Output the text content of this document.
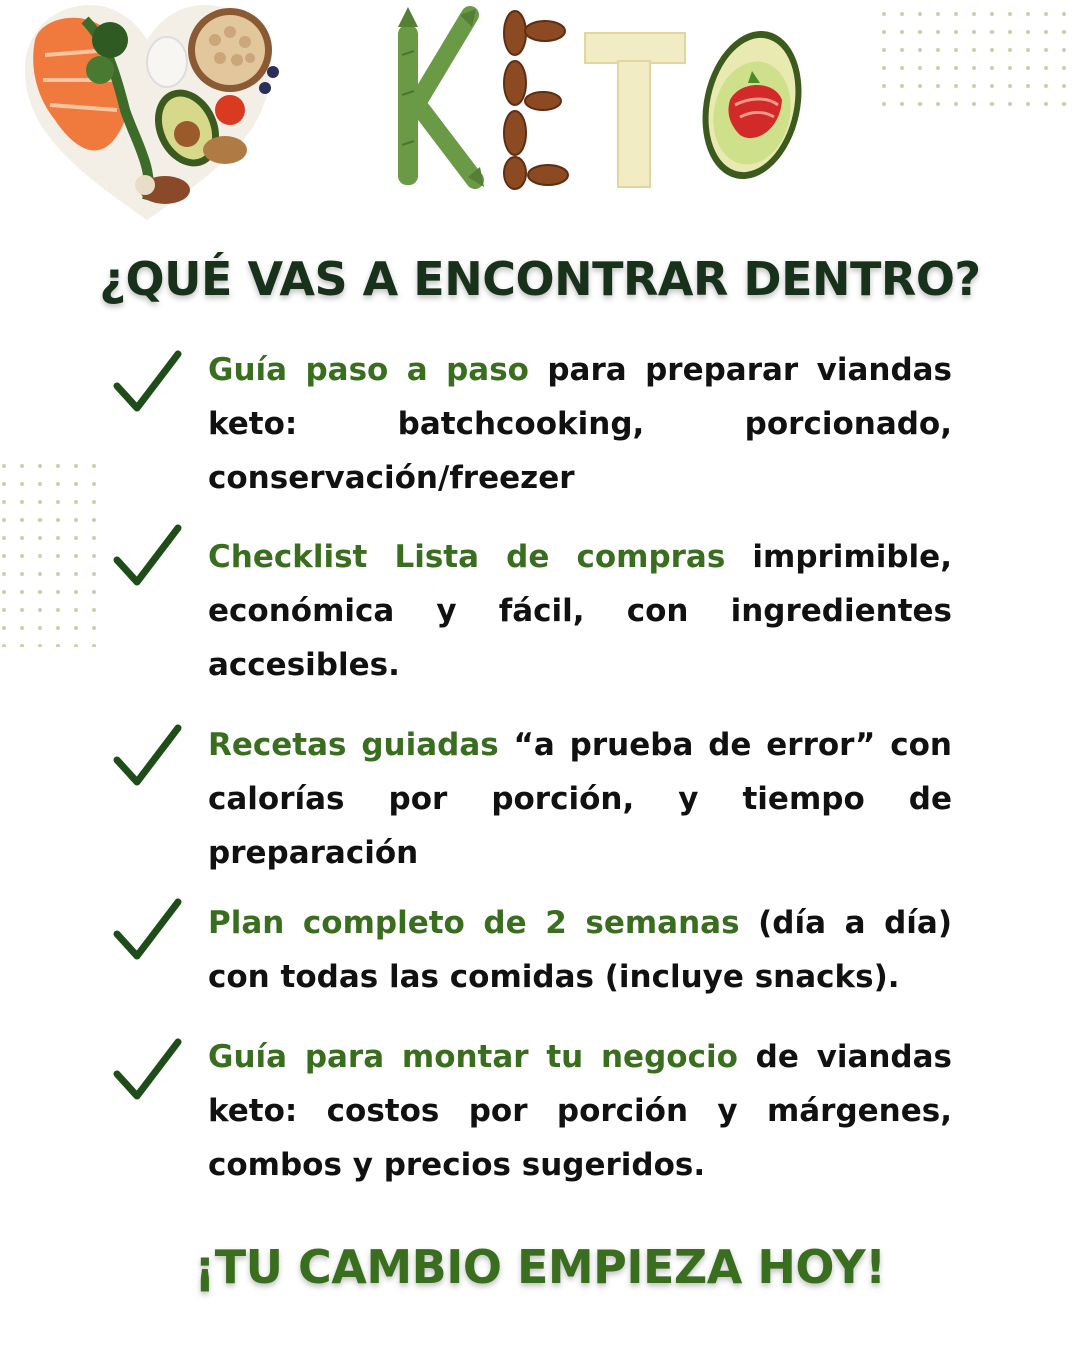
¿QUÉ VAS A ENCONTRAR DENTRO?
Guía paso a paso para preparar viandas keto: batchcooking, porcionado, conservación/freezer
Checklist Lista de compras imprimible, económica y fácil, con ingredientes accesibles.
Recetas guiadas “a prueba de error” con calorías por porción, y tiempo de preparación
Plan completo de 2 semanas (día a día) con todas las comidas (incluye snacks).
Guía para montar tu negocio de viandas keto: costos por porción y márgenes, combos y precios sugeridos.
¡TU CAMBIO EMPIEZA HOY!
